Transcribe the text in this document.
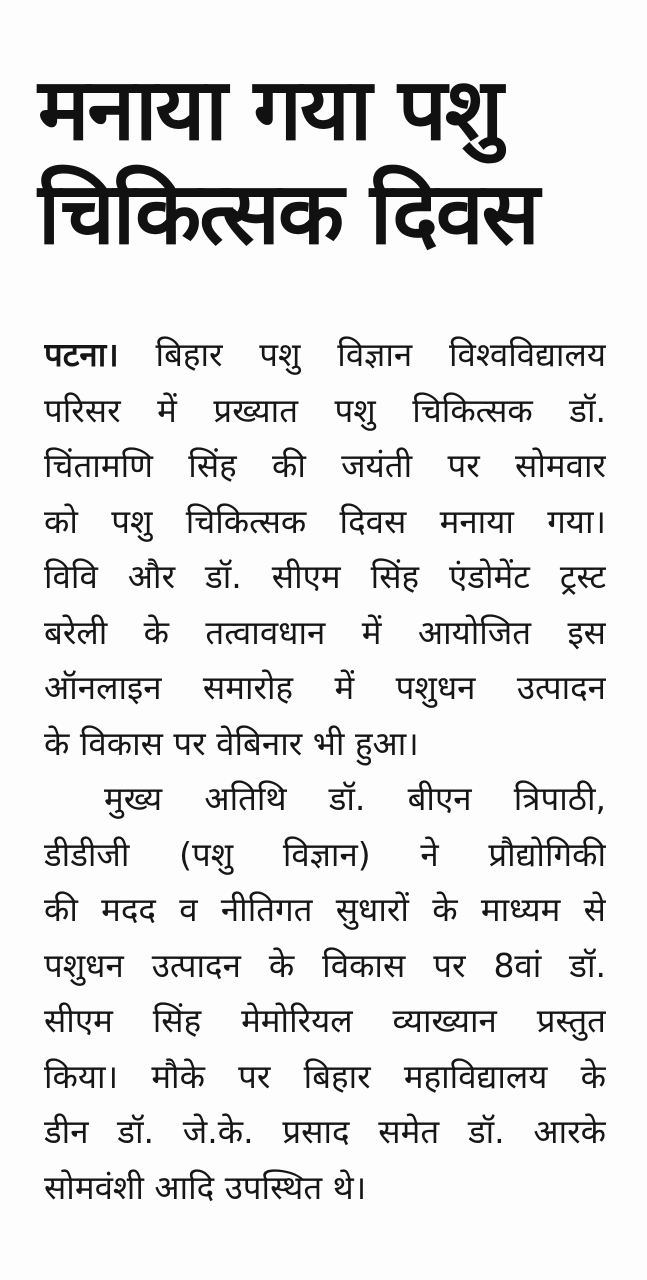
मनाया गया पशु
चिकित्सक दिवस
पटना। बिहार पशु विज्ञान विश्वविद्यालय
परिसर में प्रख्यात पशु चिकित्सक डॉ.
चिंतामणि सिंह की जयंती पर सोमवार
को पशु चिकित्सक दिवस मनाया गया।
विवि और डॉ. सीएम सिंह एंडोमेंट ट्रस्ट
बरेली के तत्वावधान में आयोजित इस
ऑनलाइन समारोह में पशुधन उत्पादन
के विकास पर वेबिनार भी हुआ।
मुख्य अतिथि डॉ. बीएन त्रिपाठी,
डीडीजी (पशु विज्ञान) ने प्रौद्योगिकी
की मदद व नीतिगत सुधारों के माध्यम से
पशुधन उत्पादन के विकास पर 8वां डॉ.
सीएम सिंह मेमोरियल व्याख्यान प्रस्तुत
किया। मौके पर बिहार महाविद्यालय के
डीन डॉ. जे.के. प्रसाद समेत डॉ. आरके
सोमवंशी आदि उपस्थित थे।
